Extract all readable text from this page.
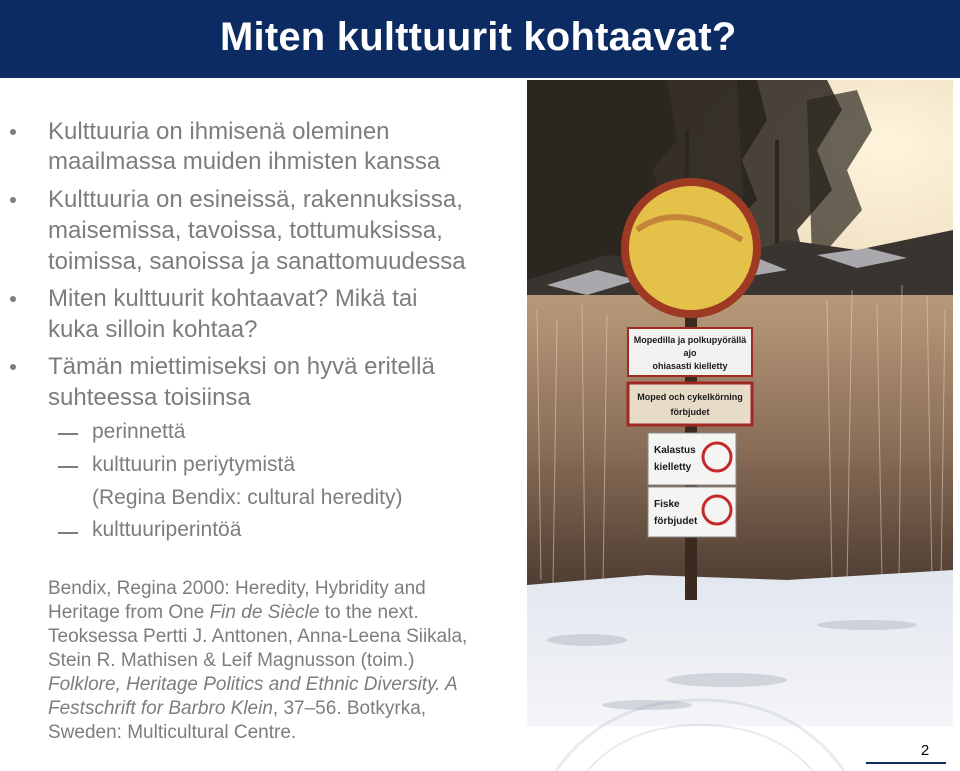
Miten kulttuurit kohtaavat?
Kulttuuria on ihmisenä oleminen
maailmassa muiden ihmisten kanssa
Kulttuuria on esineissä, rakennuksissa,
maisemissa, tavoissa, tottumuksissa,
toimissa, sanoissa ja sanattomuudessa
Miten kulttuurit kohtaavat? Mikä tai
kuka silloin kohtaa?
Tämän miettimiseksi on hyvä eritellä
suhteessa toisiinsa
perinnettä
kulttuurin periytymistä
(Regina Bendix: cultural heredity)
kulttuuriperintöä
Bendix, Regina 2000: Heredity, Hybridity and
Heritage from One Fin de Siècle to the next.
Teoksessa Pertti J. Anttonen, Anna-Leena Siikala,
Stein R. Mathisen & Leif Magnusson (toim.)
Folklore, Heritage Politics and Ethnic Diversity. A
Festschrift for Barbro Klein, 37–56. Botkyrka,
Sweden: Multicultural Centre.
Mopedilla ja polkupyörällä
ajo
ohiasasti kielletty
Moped och cykelkörning
förbjudet
Kalastus
kielletty
Fiske
förbjudet
2
